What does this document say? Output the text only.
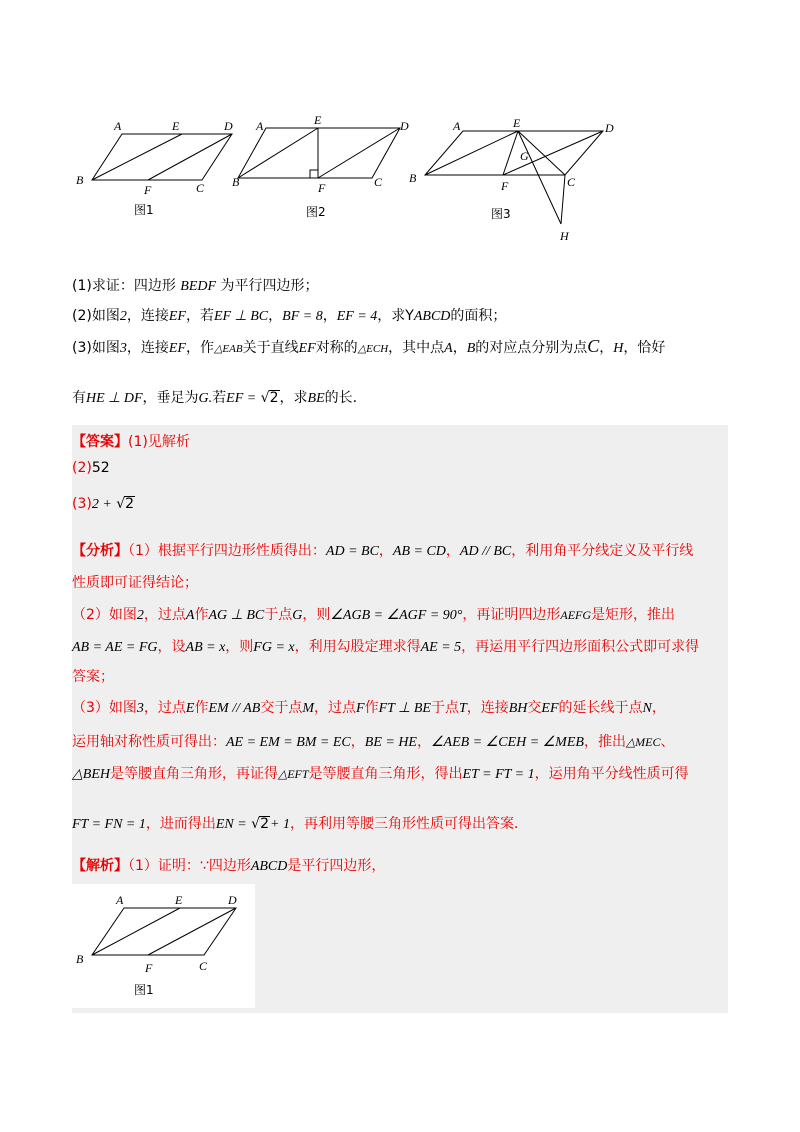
A	E	D
B
F	C
图1
A	E	D
B	F	C
图2
A	E	D
B
F	C
G
H
图3
(1)求证：四边形 BEDF 为平行四边形；
(2)如图2，连接EF，若EF ⊥ BC，BF = 8，EF = 4，求YABCD的面积；
(3)如图3，连接EF，作△EAB关于直线EF对称的△ECH，其中点A，B的对应点分别为点C，H，恰好
有HE ⊥ DF，垂足为G.若EF = √2，求BE的长.
【答案】(1)见解析
(2)52
(3)2 + √2
【分析】（1）根据平行四边形性质得出：AD = BC，AB = CD，AD // BC，利用角平分线定义及平行线
性质即可证得结论；
（2）如图2，过点A作AG ⊥ BC于点G，则∠AGB = ∠AGF = 90°，再证明四边形AEFG是矩形，推出
AB = AE = FG，设AB = x，则FG = x，利用勾股定理求得AE = 5，再运用平行四边形面积公式即可求得
答案；
（3）如图3，过点E作EM // AB交于点M，过点F作FT ⊥ BE于点T，连接BH交EF的延长线于点N，
运用轴对称性质可得出：AE = EM = BM = EC，BE = HE，∠AEB = ∠CEH = ∠MEB，推出△MEC、
△BEH是等腰直角三角形，再证得△EFT是等腰直角三角形，得出ET = FT = 1，运用角平分线性质可得
FT = FN = 1，进而得出EN = √2+ 1，再利用等腰三角形性质可得出答案．
【解析】（1）证明：∵四边形ABCD是平行四边形，
A	E	D
B
F	C
图1
